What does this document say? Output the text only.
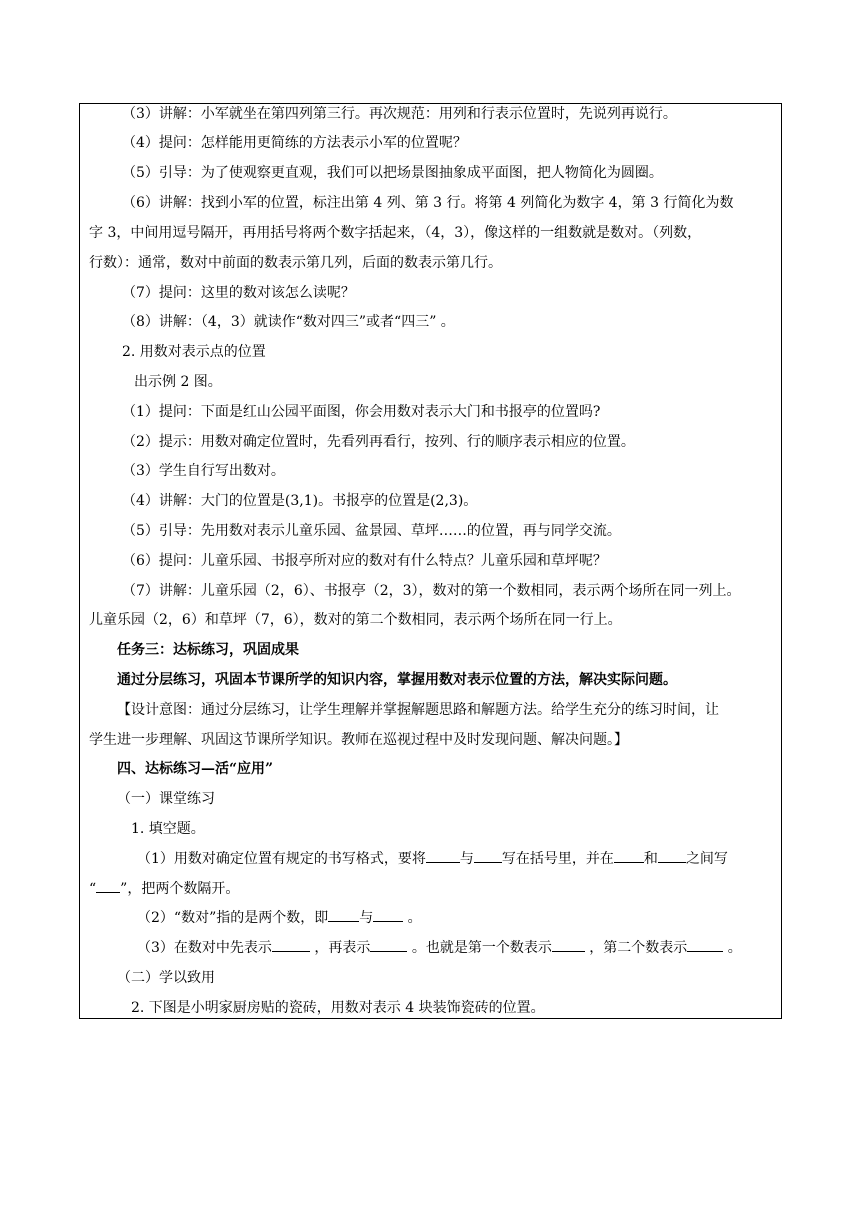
（3）讲解：小军就坐在第四列第三行。再次规范：用列和行表示位置时，先说列再说行。
（4）提问：怎样能用更简练的方法表示小军的位置呢？
（5）引导：为了使观察更直观，我们可以把场景图抽象成平面图，把人物简化为圆圈。
（6）讲解：找到小军的位置，标注出第 4 列、第 3 行。将第 4 列简化为数字 4，第 3 行简化为数
字 3，中间用逗号隔开，再用括号将两个数字括起来，（4，3），像这样的一组数就是数对。（列数，
行数）：通常，数对中前面的数表示第几列，后面的数表示第几行。
（7）提问：这里的数对该怎么读呢？
（8）讲解：（4，3）就读作“数对四三”或者“四三” 。
2. 用数对表示点的位置
出示例 2 图。
（1）提问：下面是红山公园平面图，你会用数对表示大门和书报亭的位置吗?
（2）提示：用数对确定位置时，先看列再看行，按列、行的顺序表示相应的位置。
（3）学生自行写出数对。
（4）讲解：大门的位置是(3,1)。书报亭的位置是(2,3)。
（5）引导：先用数对表示儿童乐园、盆景园、草坪……的位置，再与同学交流。
（6）提问：儿童乐园、书报亭所对应的数对有什么特点？儿童乐园和草坪呢？
（7）讲解：儿童乐园（2，6）、书报亭（2，3），数对的第一个数相同，表示两个场所在同一列上。
儿童乐园（2，6）和草坪（7，6），数对的第二个数相同，表示两个场所在同一行上。
任务三：达标练习，巩固成果
通过分层练习，巩固本节课所学的知识内容，掌握用数对表示位置的方法，解决实际问题。
【设计意图：通过分层练习，让学生理解并掌握解题思路和解题方法。给学生充分的练习时间，让
学生进一步理解、巩固这节课所学知识。教师在巡视过程中及时发现问题、解决问题。】
四、达标练习—活“应用”
（一）课堂练习
1. 填空题。
（1）用数对确定位置有规定的书写格式，要将 与 写在括号里，并在 和 之间写
“ ”，把两个数隔开。
（2）“数对”指的是两个数，即 与 。
（3）在数对中先表示	，再表示	。也就是第一个数表示 ，第二个数表示	。
（二）学以致用
2. 下图是小明家厨房贴的瓷砖，用数对表示 4 块装饰瓷砖的位置。
